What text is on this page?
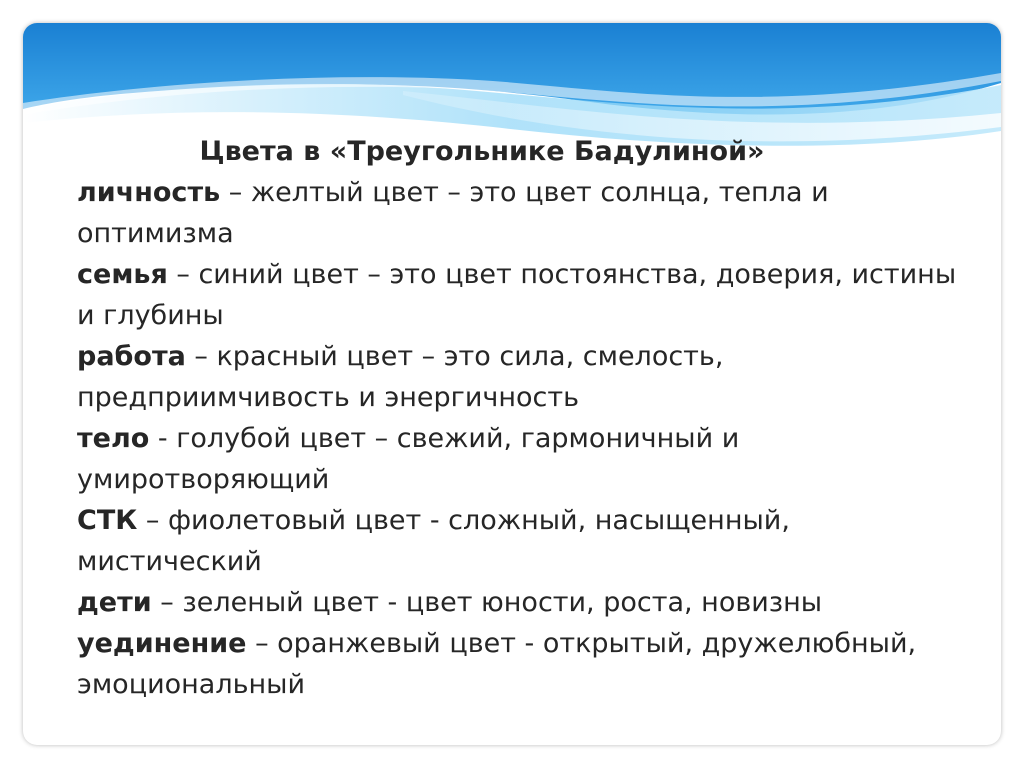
Цвета в «Треугольнике Бадулиной»

личность – желтый цвет – это цвет солнца, тепла и оптимизма

семья – синий цвет – это цвет постоянства, доверия, истины и глубины

работа – красный цвет – это сила, смелость, предприимчивость и энергичность

тело - голубой цвет – свежий, гармоничный и умиротворяющий

СТК – фиолетовый цвет - сложный, насыщенный, мистический

дети – зеленый цвет - цвет юности, роста, новизны

уединение – оранжевый цвет - открытый, дружелюбный, эмоциональный
